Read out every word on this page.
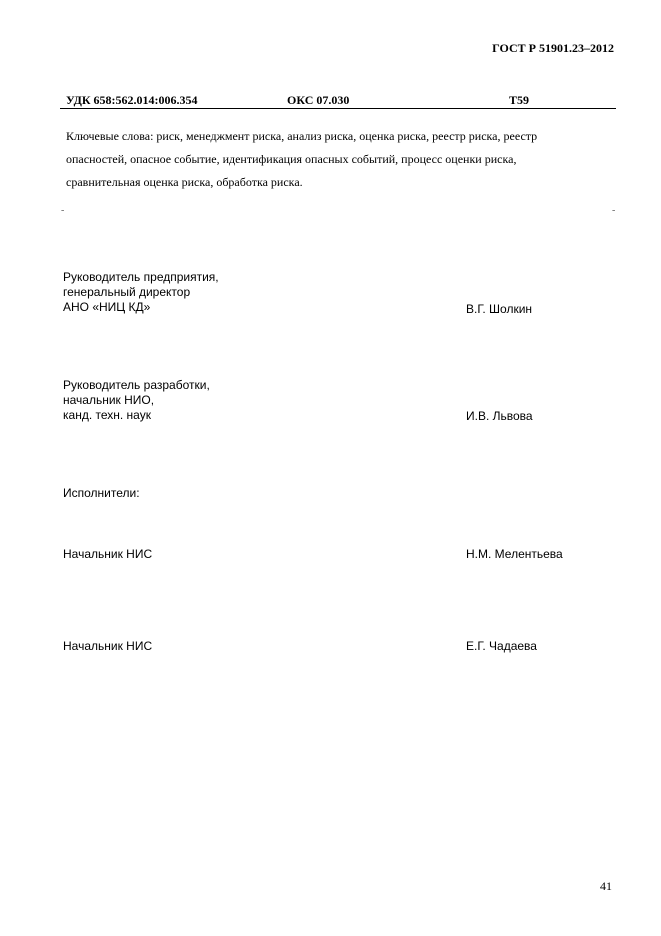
ГОСТ Р 51901.23–2012
УДК 658:562.014:006.354	ОКС 07.030	Т59
Ключевые слова: риск, менеджмент риска, анализ риска, оценка риска, реестр риска, реестр
опасностей, опасное событие, идентификация опасных событий, процесс оценки риска,
сравнительная оценка риска, обработка риска.
-	-
Руководитель предприятия,
генеральный директор
АНО «НИЦ КД»	В.Г. Шолкин
Руководитель разработки,
начальник НИО,
канд. техн. наук	И.В. Львова
Исполнители:
Начальник НИС	Н.М. Мелентьева
Начальник НИС	Е.Г. Чадаева
41
